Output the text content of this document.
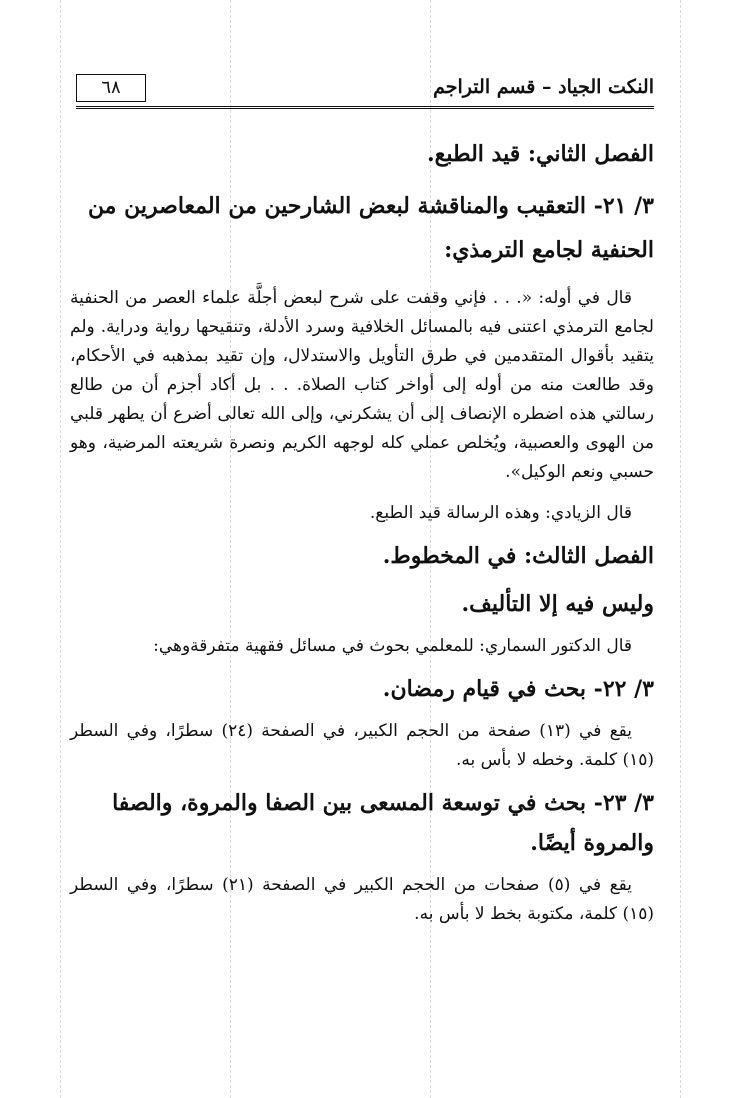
النكت الجياد – قسم التراجم
٦٨

الفصل الثاني: قيد الطبع.

٣/ ٢١- التعقيب والمناقشة لبعض الشارحين من المعاصرين من الحنفية لجامع الترمذي:

قال في أوله: «. . . فإني وقفت على شرح لبعض أجلَّة علماء العصر من الحنفية لجامع الترمذي اعتنى فيه بالمسائل الخلافية وسرد الأدلة، وتنقيحها رواية ودراية. ولم يتقيد بأقوال المتقدمين في طرق التأويل والاستدلال، وإن تقيد بمذهبه في الأحكام، وقد طالعت منه من أوله إلى أواخر كتاب الصلاة. . . بل أكاد أجزم أن من طالع رسالتي هذه اضطره الإنصاف إلى أن يشكرني، وإلى الله تعالى أضرع أن يطهر قلبي من الهوى والعصبية، ويُخلص عملي كله لوجهه الكريم ونصرة شريعته المرضية، وهو حسبي ونعم الوكيل».

قال الزيادي: وهذه الرسالة قيد الطبع.

الفصل الثالث: في المخطوط.

وليس فيه إلا التأليف.

قال الدكتور السماري: للمعلمي بحوث في مسائل فقهية متفرقةوهي:

٣/ ٢٢- بحث في قيام رمضان.

يقع في (١٣) صفحة من الحجم الكبير، في الصفحة (٢٤) سطرًا، وفي السطر (١٥) كلمة. وخطه لا بأس به.

٣/ ٢٣- بحث في توسعة المسعى بين الصفا والمروة، والصفا والمروة أيضًا.

يقع في (٥) صفحات من الحجم الكبير في الصفحة (٢١) سطرًا، وفي السطر (١٥) كلمة، مكتوبة بخط لا بأس به.
